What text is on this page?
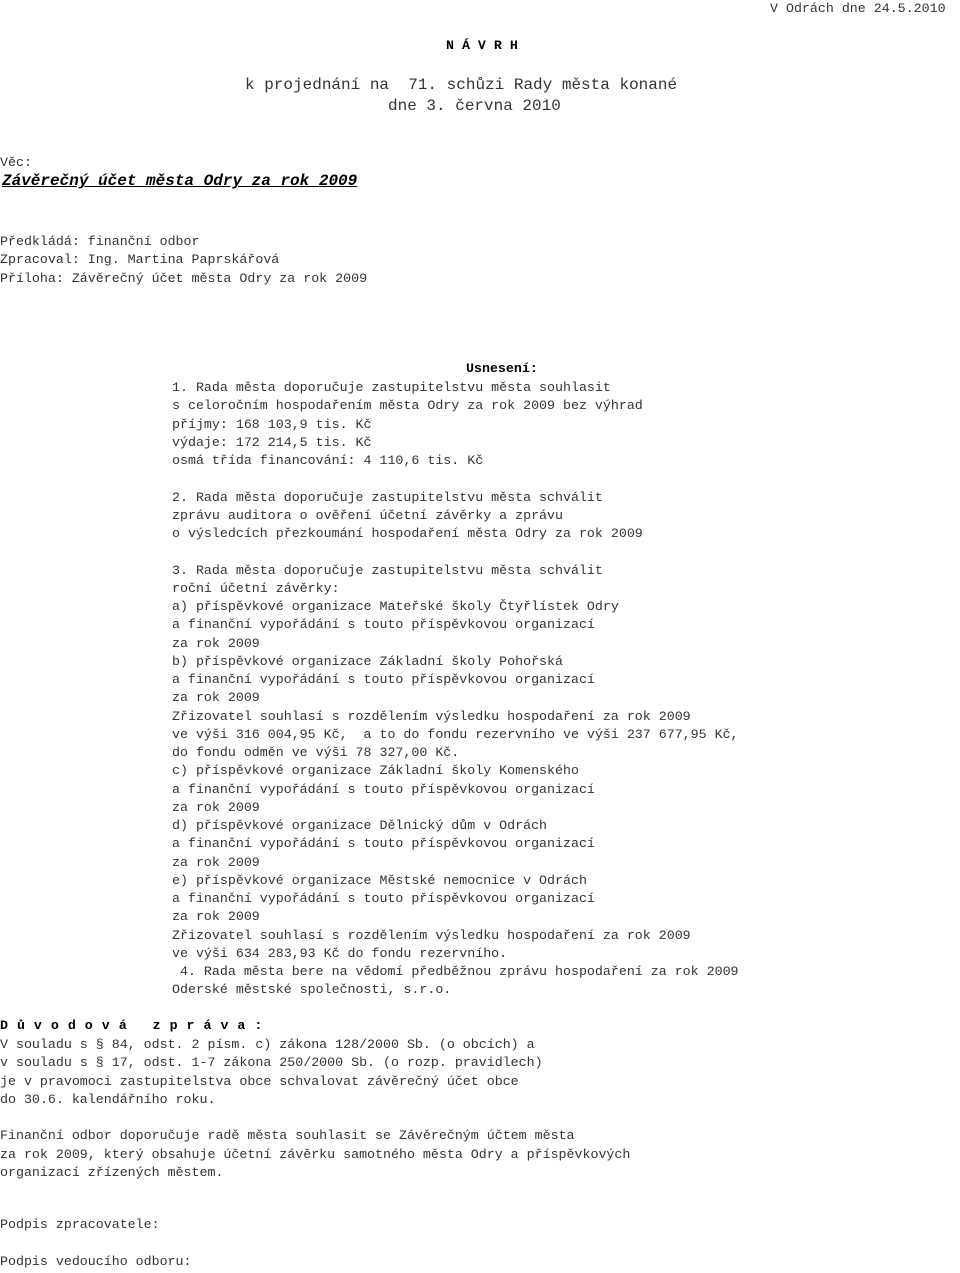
V Odrách dne 24.5.2010
N Á V R H
k projednání na  71. schůzi Rady města konané
dne 3. června 2010
Věc:
Závěrečný účet města Odry za rok 2009
Předkládá: finanční odbor
Zpracoval: Ing. Martina Paprskářová
Příloha: Závěrečný účet města Odry za rok 2009
Usnesení:
1. Rada města doporučuje zastupitelstvu města souhlasit
s celoročním hospodařením města Odry za rok 2009 bez výhrad
příjmy: 168 103,9 tis. Kč
výdaje: 172 214,5 tis. Kč
osmá třída financování: 4 110,6 tis. Kč
2. Rada města doporučuje zastupitelstvu města schválit
zprávu auditora o ověření účetní závěrky a zprávu
o výsledcích přezkoumání hospodaření města Odry za rok 2009
3. Rada města doporučuje zastupitelstvu města schválit
roční účetní závěrky:
a) příspěvkové organizace Mateřské školy Čtyřlístek Odry
a finanční vypořádání s touto příspěvkovou organizací
za rok 2009
b) příspěvkové organizace Základní školy Pohořská
a finanční vypořádání s touto příspěvkovou organizací
za rok 2009
Zřizovatel souhlasí s rozdělením výsledku hospodaření za rok 2009
ve výši 316 004,95 Kč,  a to do fondu rezervního ve výši 237 677,95 Kč,
do fondu odměn ve výši 78 327,00 Kč.
c) příspěvkové organizace Základní školy Komenského
a finanční vypořádání s touto příspěvkovou organizací
za rok 2009
d) příspěvkové organizace Dělnický dům v Odrách
a finanční vypořádání s touto příspěvkovou organizací
za rok 2009
e) příspěvkové organizace Městské nemocnice v Odrách
a finanční vypořádání s touto příspěvkovou organizací
za rok 2009
Zřizovatel souhlasí s rozdělením výsledku hospodaření za rok 2009
ve výši 634 283,93 Kč do fondu rezervního.
4. Rada města bere na vědomí předběžnou zprávu hospodaření za rok 2009
Oderské městské společnosti, s.r.o.
D ů v o d o v á   z p r á v a :
V souladu s § 84, odst. 2 písm. c) zákona 128/2000 Sb. (o obcích) a
v souladu s § 17, odst. 1-7 zákona 250/2000 Sb. (o rozp. pravidlech)
je v pravomoci zastupitelstva obce schvalovat závěrečný účet obce
do 30.6. kalendářního roku.
Finanční odbor doporučuje radě města souhlasit se Závěrečným účtem města
za rok 2009, který obsahuje účetní závěrku samotného města Odry a příspěvkových
organizací zřízených městem.
Podpis zpracovatele:
Podpis vedoucího odboru:
